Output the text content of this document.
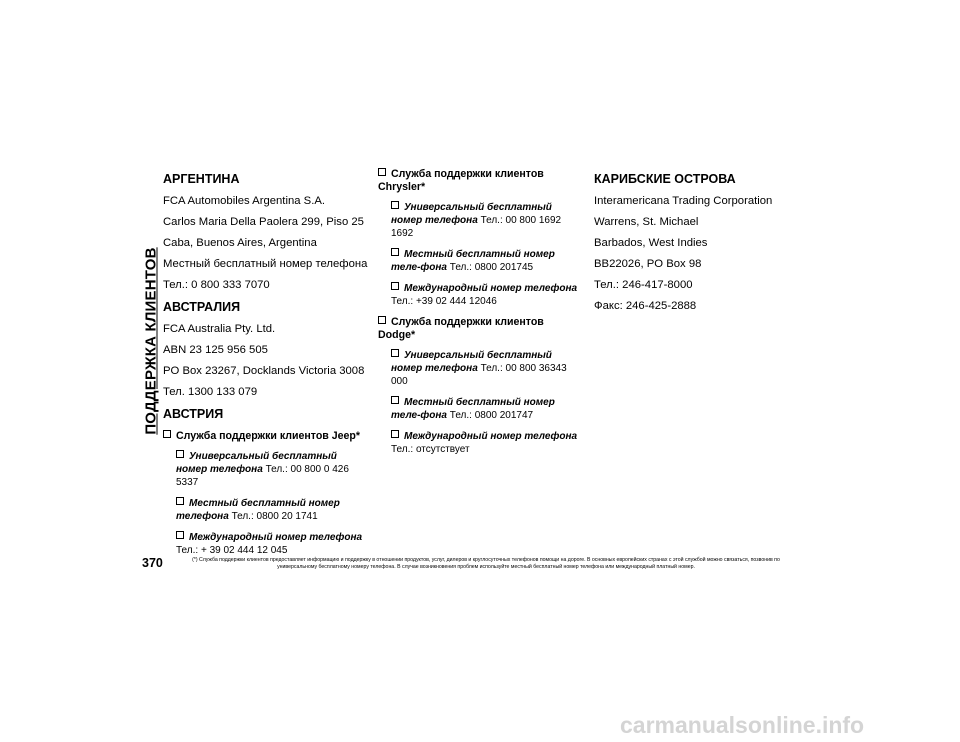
ПОДДЕРЖКА КЛИЕНТОВ
АРГЕНТИНА
FCA Automobiles Argentina S.A.
Carlos Maria Della Paolera 299, Piso 25
Caba, Buenos Aires, Argentina
Местный бесплатный номер телефона
Тел.: 0 800 333 7070
АВСТРАЛИЯ
FCA Australia Pty. Ltd.
ABN 23 125 956 505
PO Box 23267, Docklands Victoria 3008
Тел. 1300 133 079
АВСТРИЯ
Служба поддержки клиентов Jeep*
Универсальный бесплатный номер телефона Тел.: 00 800 0 426 5337
Местный бесплатный номер телефона Тел.: 0800 20 1741
Международный номер телефона
Тел.: + 39 02 444 12 045
Служба поддержки клиентов Chrysler*
Универсальный бесплатный номер телефона Тел.: 00 800 1692 1692
Местный бесплатный номер теле-фона Тел.: 0800 201745
Международный номер телефона
Тел.: +39 02 444 12046
Служба поддержки клиентов Dodge*
Универсальный бесплатный номер телефона Тел.: 00 800 36343 000
Местный бесплатный номер теле-фона Тел.: 0800 201747
Международный номер телефона
Тел.: отсутствует
КАРИБСКИЕ ОСТРОВА
Interamericana Trading Corporation
Warrens, St. Michael
Barbados, West Indies
BB22026, PO Box 98
Тел.: 246-417-8000
Факс: 246-425-2888
370	(*) Служба поддержки клиентов предоставляет информацию и поддержку в отношении продуктов, услуг, дилеров и круглосуточных телефонов помощи на дороге. В основных европейских странах с этой службой можно связаться, позвонив по универсальному бесплатному номеру телефона. В случае возникновения проблем используйте местный бесплатный номер телефона или международный платный номер.
carmanualsonline.info
